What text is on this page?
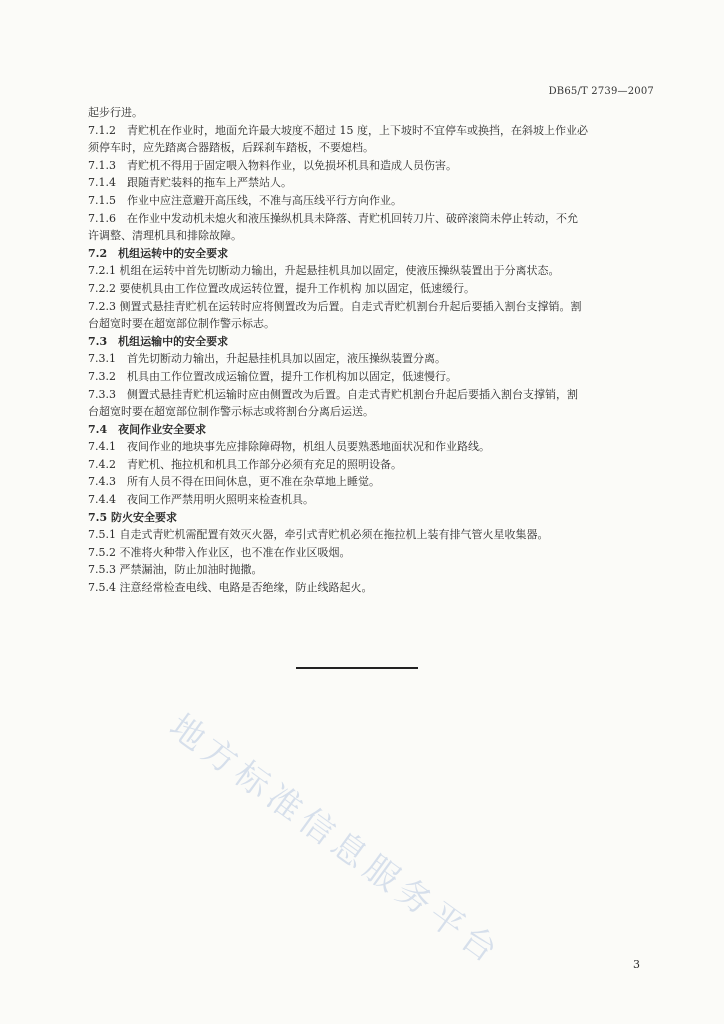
DB65/T 2739—2007
起步行进。
7.1.2　青贮机在作业时，地面允许最大坡度不超过 15 度，上下坡时不宜停车或换挡，在斜坡上作业必
须停车时，应先踏离合器踏板，后踩刹车踏板，不要熄档。
7.1.3　青贮机不得用于固定喂入物料作业，以免损坏机具和造成人员伤害。
7.1.4　跟随青贮装料的拖车上严禁站人。
7.1.5　作业中应注意避开高压线，不准与高压线平行方向作业。
7.1.6　在作业中发动机未熄火和液压操纵机具未降落、青贮机回转刀片、破碎滚筒未停止转动，不允
许调整、清理机具和排除故障。
7.2　机组运转中的安全要求
7.2.1 机组在运转中首先切断动力输出，升起悬挂机具加以固定，使液压操纵装置出于分离状态。
7.2.2 要使机具由工作位置改成运转位置，提升工作机构 加以固定，低速缓行。
7.2.3 侧置式悬挂青贮机在运转时应将侧置改为后置。自走式青贮机割台升起后要插入割台支撑销。割
台超宽时要在超宽部位制作警示标志。
7.3　机组运输中的安全要求
7.3.1　首先切断动力输出，升起悬挂机具加以固定，液压操纵装置分离。
7.3.2　机具由工作位置改成运输位置，提升工作机构加以固定，低速慢行。
7.3.3　侧置式悬挂青贮机运输时应由侧置改为后置。自走式青贮机割台升起后要插入割台支撑销，割
台超宽时要在超宽部位制作警示标志或将割台分离后运送。
7.4　夜间作业安全要求
7.4.1　夜间作业的地块事先应排除障碍物，机组人员要熟悉地面状况和作业路线。
7.4.2　青贮机、拖拉机和机具工作部分必须有充足的照明设备。
7.4.3　所有人员不得在田间休息，更不准在杂草地上睡觉。
7.4.4　夜间工作严禁用明火照明来检查机具。
7.5 防火安全要求
7.5.1 自走式青贮机需配置有效灭火器，牵引式青贮机必须在拖拉机上装有排气管火星收集器。
7.5.2 不准将火种带入作业区，也不准在作业区吸烟。
7.5.3 严禁漏油，防止加油时抛撒。
7.5.4 注意经常检查电线、电路是否绝缘，防止线路起火。
地方标准信息服务平台	3
